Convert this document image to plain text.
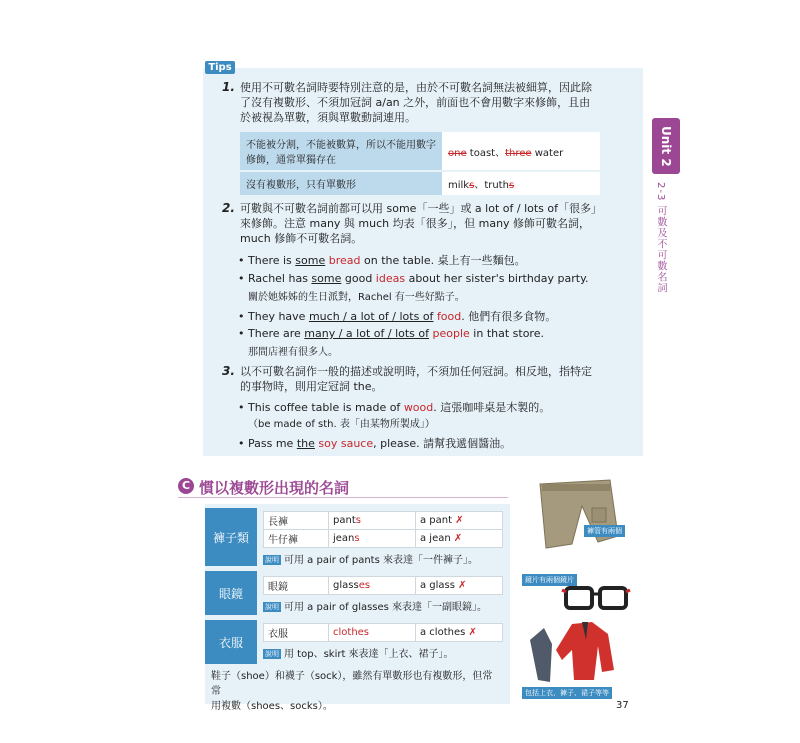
Tips
1. 使用不可數名詞時要特別注意的是，由於不可數名詞無法被細算，因此除
了沒有複數形、不須加冠詞 a/an 之外，前面也不會用數字來修飾，且由
於被視為單數，須與單數動詞連用。
不能被分割，不能被數算，所以不能用數字修飾，通常單獨存在	one toast、three water
沒有複數形，只有單數形	milks、truths
2. 可數與不可數名詞前都可以用 some「一些」或 a lot of / lots of「很多」
來修飾。注意 many 與 much 均表「很多」，但 many 修飾可數名詞，
much 修飾不可數名詞。
• There is some bread on the table. 桌上有一些麵包。
• Rachel has some good ideas about her sister's birthday party.
關於她姊姊的生日派對，Rachel 有一些好點子。
• They have much / a lot of / lots of food. 他們有很多食物。
• There are many / a lot of / lots of people in that store.
那間店裡有很多人。
3. 以不可數名詞作一般的描述或說明時，不須加任何冠詞。相反地，指特定
的事物時，則用定冠詞 the。
• This coffee table is made of wood. 這張咖啡桌是木製的。
（be made of sth. 表「由某物所製成」）
• Pass me the soy sauce, please. 請幫我遞個醬油。
Unit 2
2-3 可數及不可數名詞
C 慣以複數形出現的名詞
褲子類
長褲	pants	a pant ✗
牛仔褲	jeans	a jean ✗
說明 可用 a pair of pants 來表達「一件褲子」。
眼鏡	眼鏡	glasses	a glass ✗
說明 可用 a pair of glasses 來表達「一副眼鏡」。
衣服
衣服	clothes	a clothes ✗
說明 用 top、skirt 來表達「上衣、裙子」。
鞋子（shoe）和襪子（sock），雖然有單數形也有複數形，但常常
用複數（shoes、socks）。
褲管有兩個
鏡片有兩個鏡片
包括上衣、褲子、裙子等等
37
